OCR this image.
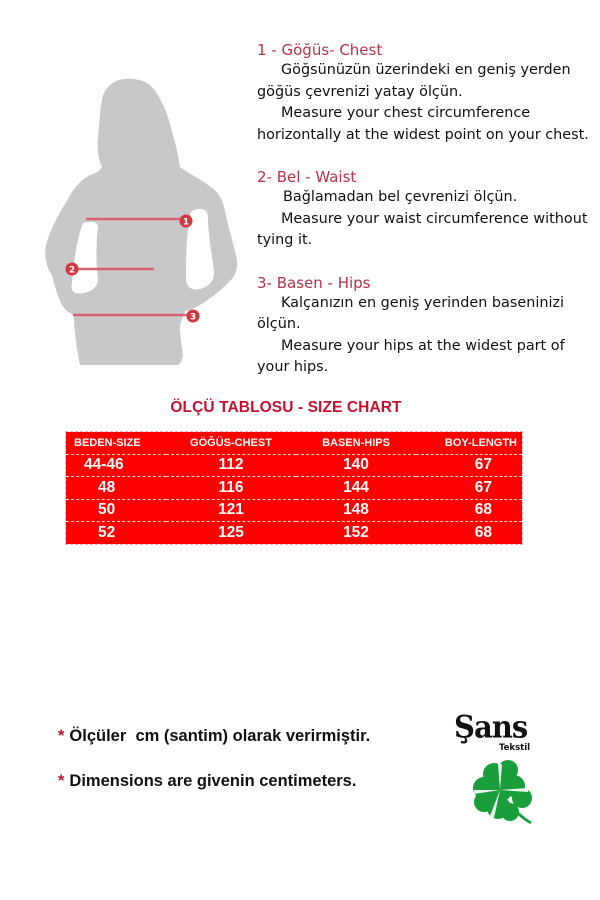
1
2
3
1 - Göğüs- Chest
Göğsünüzün üzerindeki en geniş yerden göğüs çevrenizi yatay ölçün.
Measure your chest circumference horizontally at the widest point on your chest.
2- Bel - Waist
Bağlamadan bel çevrenizi ölçün.
Measure your waist circumference without tying it.
3- Basen - Hips
Kalçanızın en geniş yerinden baseninizi ölçün.
Measure your hips at the widest part of your hips.
ÖLÇÜ TABLOSU - SIZE CHART
BEDEN-SIZE	GÖĞÜS-CHEST	BASEN-HIPS	BOY-LENGTH
44-46	112	140	67
48	116	144	67
50	121	148	68
52	125	152	68
* Ölçüler  cm (santim) olarak verirmiştir.
* Dimensions are givenin centimeters.
Şans
Tekstil
